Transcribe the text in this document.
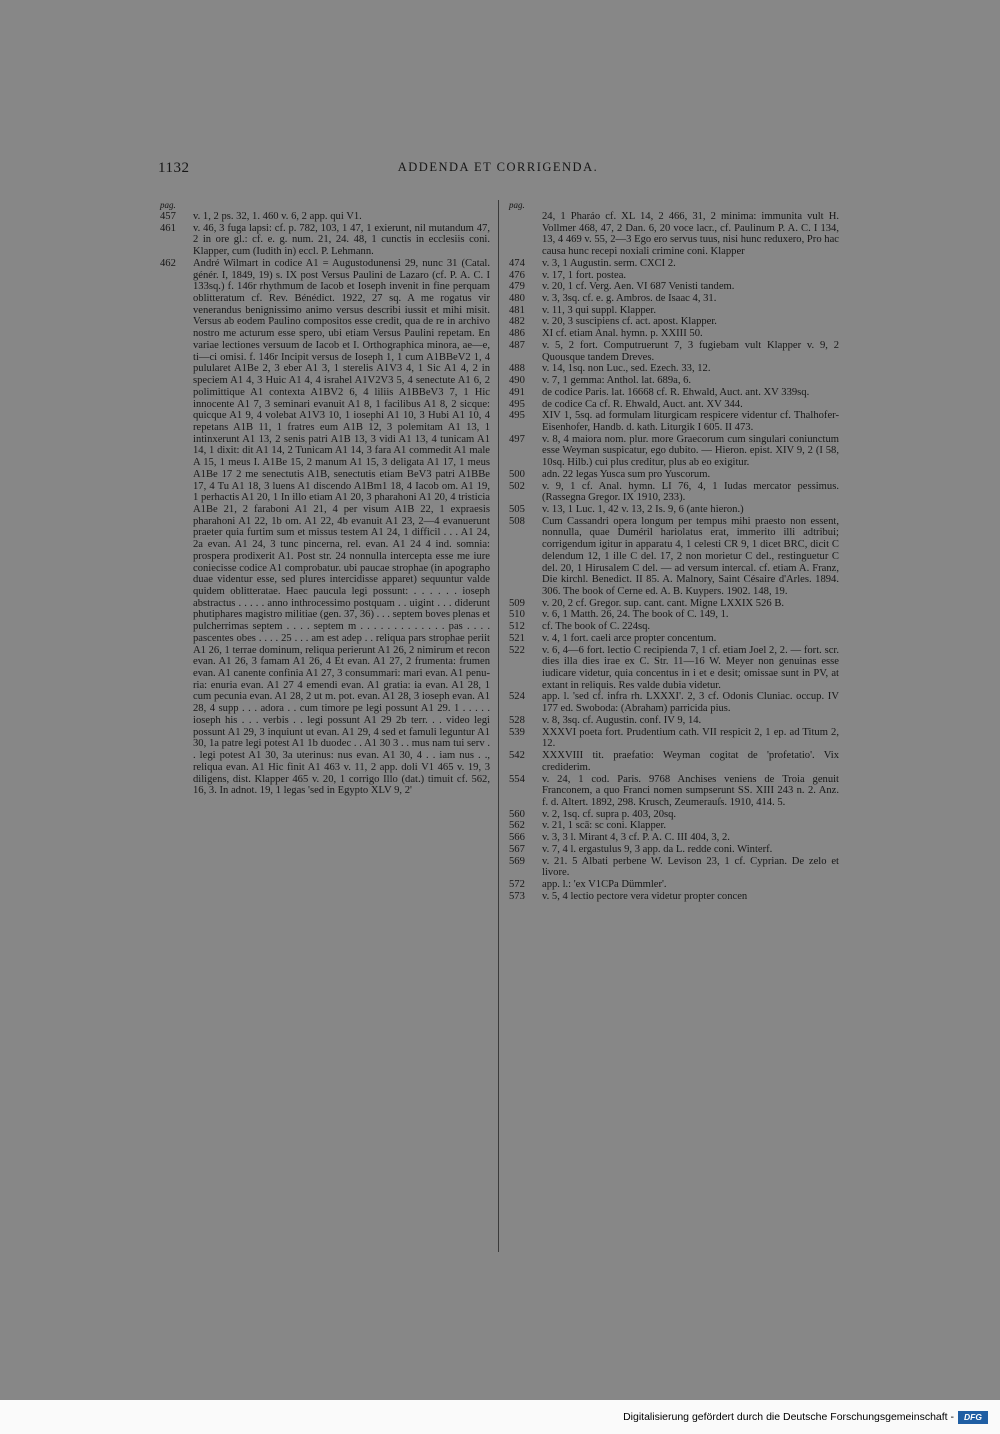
1132	ADDENDA ET CORRIGENDA.
pag.
457 v. 1, 2 ps. 32, 1. 460 v. 6, 2 app. qui V1.
461 v. 46, 3 fuga lapsi: cf. p. 782, 103, 1 47, 1 exierunt, nil mutandum 47, 2 in ore gl.: cf. e. g. num. 21, 24. 48, 1 cunctis in ecclesiis coni. Klapper, cum (Iudith in) eccl. P. Lehmann.
462 André Wilmart in codice A1 = Augustodunensi 29, nunc 31 (Catal. génér. I, 1849, 19) s. IX post Versus Paulini de Lazaro (cf. P. A. C. I 133sq.) f. 146r rhythmum de Iacob et Ioseph invenit in fine perquam oblitteratum cf. Rev. Bénédict. 1922, 27 sq. A me rogatus vir venerandus benignissimo animo versus describi iussit et mihi misit. Versus ab eodem Paulino compositos esse credit, qua de re in archivo nostro me acturum esse spero, ubi etiam Versus Paulini repetam. En variae lectiones versuum de Iacob et I. Orthographica minora, ae—e, ti—ci omisi. f. 146r Incipit versus de Ioseph 1, 1 cum A1BBeV2 1, 4 pulularet A1Be 2, 3 eber A1 3, 1 sterelis A1V3 4, 1 Sic A1 4, 2 in speciem A1 4, 3 Huic A1 4, 4 israhel A1V2V3 5, 4 senectute A1 6, 2 polimittique A1 contexta A1BV2 6, 4 liliis A1BBeV3 7, 1 Hic innocente A1 7, 3 seminari evanuit A1 8, 1 facilibus A1 8, 2 sicque: quicque A1 9, 4 volebat A1V3 10, 1 iosephi A1 10, 3 Hubi A1 10, 4 repetans A1B 11, 1 fratres eum A1B 12, 3 polemitam A1 13, 1 intinxerunt A1 13, 2 senis patri A1B 13, 3 vidi A1 13, 4 tunicam A1 14, 1 dixit: dit A1 14, 2 Tunicam A1 14, 3 fara A1 commedit A1 male A 15, 1 meus I. A1Be 15, 2 manum A1 15, 3 deligata A1 17, 1 meus A1Be 17 2 me senectutis A1B, senectutis etiam BeV3 patri A1BBe 17, 4 Tu A1 18, 3 luens A1 discendo A1Bm1 18, 4 Iacob om. A1 19, 1 perhactis A1 20, 1 In illo etiam A1 20, 3 pharahoni A1 20, 4 tristicia A1Be 21, 2 faraboni A1 21, 4 per visum A1B 22, 1 expraesis pharahoni A1 22, 1b om. A1 22, 4b evanuit A1 23, 2—4 evanuerunt praeter quia furtim sum et missus testem A1 24, 1 difficil . . . A1 24, 2a evan. A1 24, 3 tunc pincerna, rel. evan. A1 24 4 ind. somnia: prospera prodixerit A1. Post str. 24 nonnulla intercepta esse me iure coniecisse codice A1 comprobatur. ubi paucae strophae (in apographo duae videntur esse, sed plures intercidisse apparet) sequuntur valde quidem oblitteratae. Haec paucula legi possunt: . . . . . . ioseph abstractus . . . . . anno inthrocessimo postquam . . uigint . . . diderunt phutiphares magistro militiae (gen. 37, 36) . . . septem boves plenas et pulcherrimas septem . . . . septem m . . . . . . . . . . . . . pas . . . . pascentes obes . . . . 25 . . . am est adep . . reliqua pars strophae periit A1 26, 1 terrae dominum, reliqua perierunt A1 26, 2 nimirum et recon evan. A1 26, 3 famam A1 26, 4 Et evan. A1 27, 2 frumenta: frumen evan. A1 canente confinia A1 27, 3 consummari: mari evan. A1 penuria: enuria evan. A1 27 4 emendi evan. A1 gratia: ia evan. A1 28, 1 cum pecunia evan. A1 28, 2 ut m. pot. evan. A1 28, 3 ioseph evan. A1 28, 4 supp . . . adora . . cum timore pe legi possunt A1 29. 1 . . . . . ioseph his . . . verbis . . legi possunt A1 29 2b terr. . . video legi possunt A1 29, 3 inquiunt ut evan. A1 29, 4 sed et famuli leguntur A1 30, 1a patre legi potest A1 1b duodec . . A1 30 3 . . mus nam tui serv . . legi potest A1 30, 3a uterinus: nus evan. A1 30, 4 . . iam nus . ., reliqua evan. A1 Hic finit A1 463 v. 11, 2 app. doli V1 465 v. 19, 3 diligens, dist. Klapper 465 v. 20, 1 corrigo Illo (dat.) timuit cf. 562, 16, 3. In adnot. 19, 1 legas 'sed in Egypto XLV 9, 2'
pag.
24, 1 Pharáo cf. XL 14, 2 466, 31, 2 minima: immunita vult H. Vollmer 468, 47, 2 Dan. 6, 20 voce lacr., cf. Paulinum P. A. C. I 134, 13, 4 469 v. 55, 2—3 Ego ero servus tuus, nisi hunc reduxero, Pro hac causa hunc recepi noxiali crimine coni. Klapper
474 v. 3, 1 Augustin. serm. CXCI 2.
476 v. 17, 1 fort. postea.
479 v. 20, 1 cf. Verg. Aen. VI 687 Venisti tandem.
480 v. 3, 3sq. cf. e. g. Ambros. de Isaac 4, 31.
481 v. 11, 3 qui suppl. Klapper.
482 v. 20, 3 suscipiens cf. act. apost. Klapper.
486 XI cf. etiam Anal. hymn. p. XXIII 50.
487 v. 5, 2 fort. Computruerunt 7, 3 fugiebam vult Klapper v. 9, 2 Quousque tandem Dreves.
488 v. 14, 1sq. non Luc., sed. Ezech. 33, 12.
490 v. 7, 1 gemma: Anthol. lat. 689a, 6.
491 de codice Paris. lat. 16668 cf. R. Ehwald, Auct. ant. XV 339sq.
495 de codice Ca cf. R. Ehwald, Auct. ant. XV 344.
495 XIV 1, 5sq. ad formulam liturgicam respicere videntur cf. Thalhofer-Eisenhofer, Handb. d. kath. Liturgik I 605. II 473.
497 v. 8, 4 maiora nom. plur. more Graecorum cum singulari coniunctum esse Weyman suspicatur, ego dubito. — Hieron. epist. XIV 9, 2 (I 58, 10sq. Hilb.) cui plus creditur, plus ab eo exigitur.
500 adn. 22 legas Yusca sum pro Yuscorum.
502 v. 9, 1 cf. Anal. hymn. LI 76, 4, 1 Iudas mercator pessimus. (Rassegna Gregor. IX 1910, 233).
505 v. 13, 1 Luc. 1, 42 v. 13, 2 Is. 9, 6 (ante hieron.)
508 Cum Cassandri opera longum per tempus mihi praesto non essent, nonnulla, quae Duméril hariolatus erat, immerito illi adtribui; corrigendum igitur in apparatu 4, 1 celesti CR 9, 1 dicet BRC, dicit C delendum 12, 1 ille C del. 17, 2 non morietur C del., restinguetur C del. 20, 1 Hirusalem C del. — ad versum intercal. cf. etiam A. Franz, Die kirchl. Benedict. II 85. A. Malnory, Saint Césaire d'Arles. 1894. 306. The book of Cerne ed. A. B. Kuypers. 1902. 148, 19.
509 v. 20, 2 cf. Gregor. sup. cant. cant. Migne LXXIX 526 B.
510 v. 6, 1 Matth. 26, 24. The book of C. 149, 1.
512 cf. The book of C. 224sq.
521 v. 4, 1 fort. caeli arce propter concentum.
522 v. 6, 4—6 fort. lectio C recipienda 7, 1 cf. etiam Joel 2, 2. — fort. scr. dies illa dies irae ex C. Str. 11—16 W. Meyer non genuinas esse iudicare videtur, quia concentus in i et e desit; omissae sunt in PV, at extant in reliquis. Res valde dubia videtur.
524 app. l. 'sed cf. infra rh. LXXXI'. 2, 3 cf. Odonis Cluniac. occup. IV 177 ed. Swoboda: (Abraham) parricida pius.
528 v. 8, 3sq. cf. Augustin. conf. IV 9, 14.
539 XXXVI poeta fort. Prudentium cath. VII respicit 2, 1 ep. ad Titum 2, 12.
542 XXXVIII tit. praefatio: Weyman cogitat de 'profetatio'. Vix crediderim.
554 v. 24, 1 cod. Paris. 9768 Anchises veniens de Troia genuit Franconem, a quo Franci nomen sumpserunt SS. XIII 243 n. 2. Anz. f. d. Altert. 1892, 298. Krusch, Zeumerauſs. 1910, 414. 5.
560 v. 2, 1sq. cf. supra p. 403, 20sq.
562 v. 21, 1 scā: sc coni. Klapper.
566 v. 3, 3 l. Mirant 4, 3 cf. P. A. C. III 404, 3, 2.
567 v. 7, 4 l. ergastulus 9, 3 app. da L. redde coni. Winterf.
569 v. 21. 5 Albati perbene W. Levison 23, 1 cf. Cyprian. De zelo et livore.
572 app. l.: 'ex V1CPa Dümmler'.
573 v. 5, 4 lectio pectore vera videtur propter concen
Digitalisierung gefördert durch die Deutsche Forschungsgemeinschaft -	DFG
